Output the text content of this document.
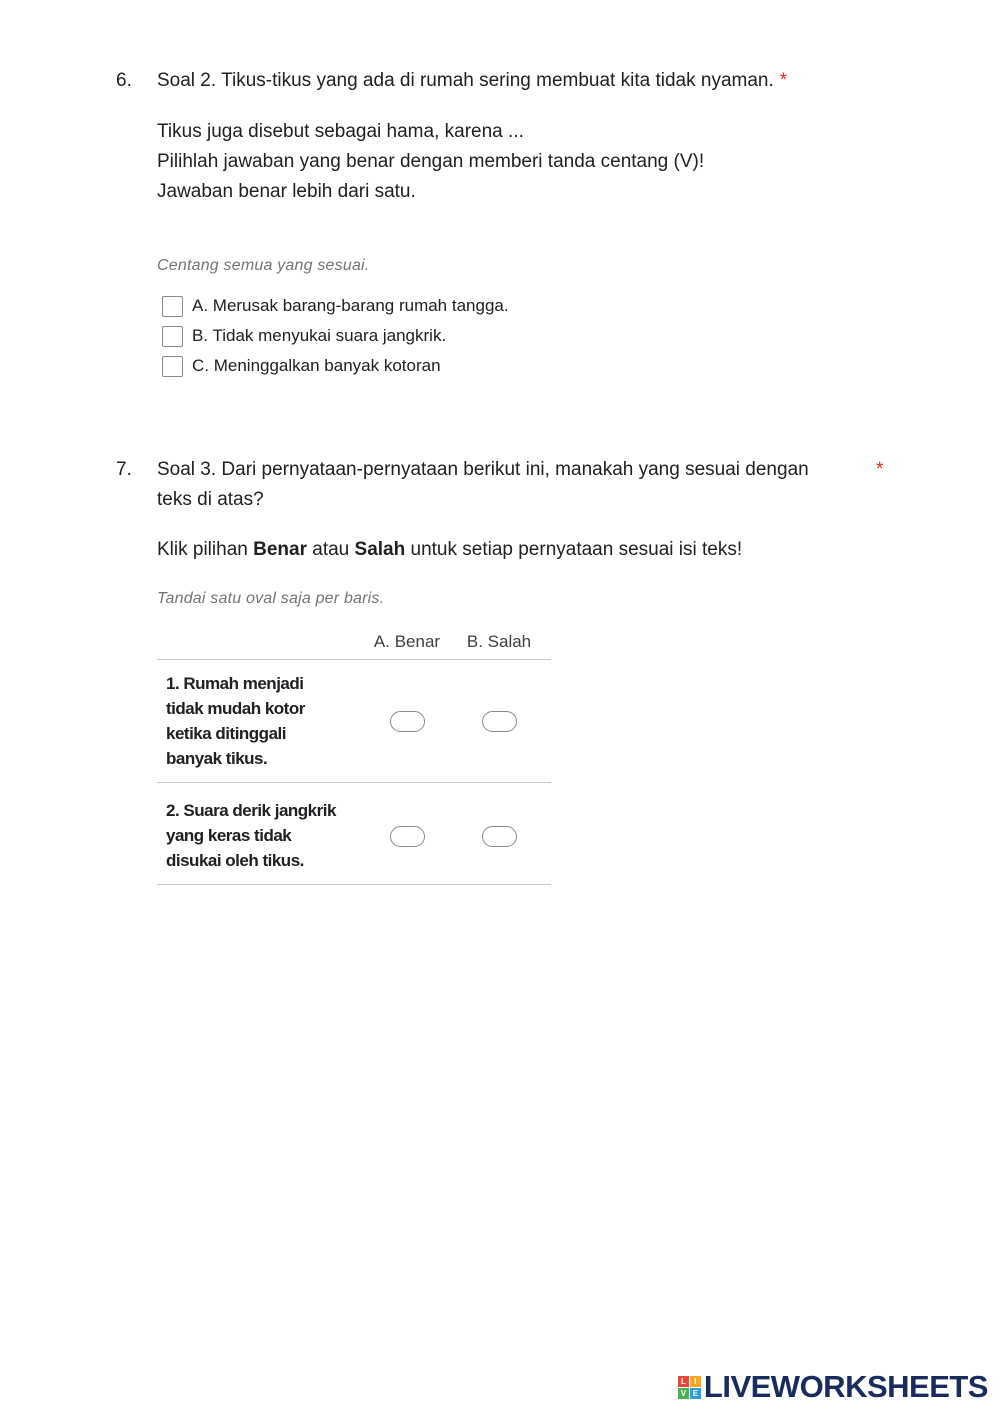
6. Soal 2. Tikus-tikus yang ada di rumah sering membuat kita tidak nyaman. *
Tikus juga disebut sebagai hama, karena ...
Pilihlah jawaban yang benar dengan memberi tanda centang (V)!
Jawaban benar lebih dari satu.
Centang semua yang sesuai.
A. Merusak barang-barang rumah tangga.
B. Tidak menyukai suara jangkrik.
C. Meninggalkan banyak kotoran
7. Soal 3. Dari pernyataan-pernyataan berikut ini, manakah yang sesuai dengan
teks di atas?
*
Klik pilihan Benar atau Salah untuk setiap pernyataan sesuai isi teks!
Tandai satu oval saja per baris.
A. Benar	B. Salah
1. Rumah menjadi
tidak mudah kotor
ketika ditinggali
banyak tikus.
2. Suara derik jangkrik
yang keras tidak
disukai oleh tikus.
L	I
V E LIVEWORKSHEETS
